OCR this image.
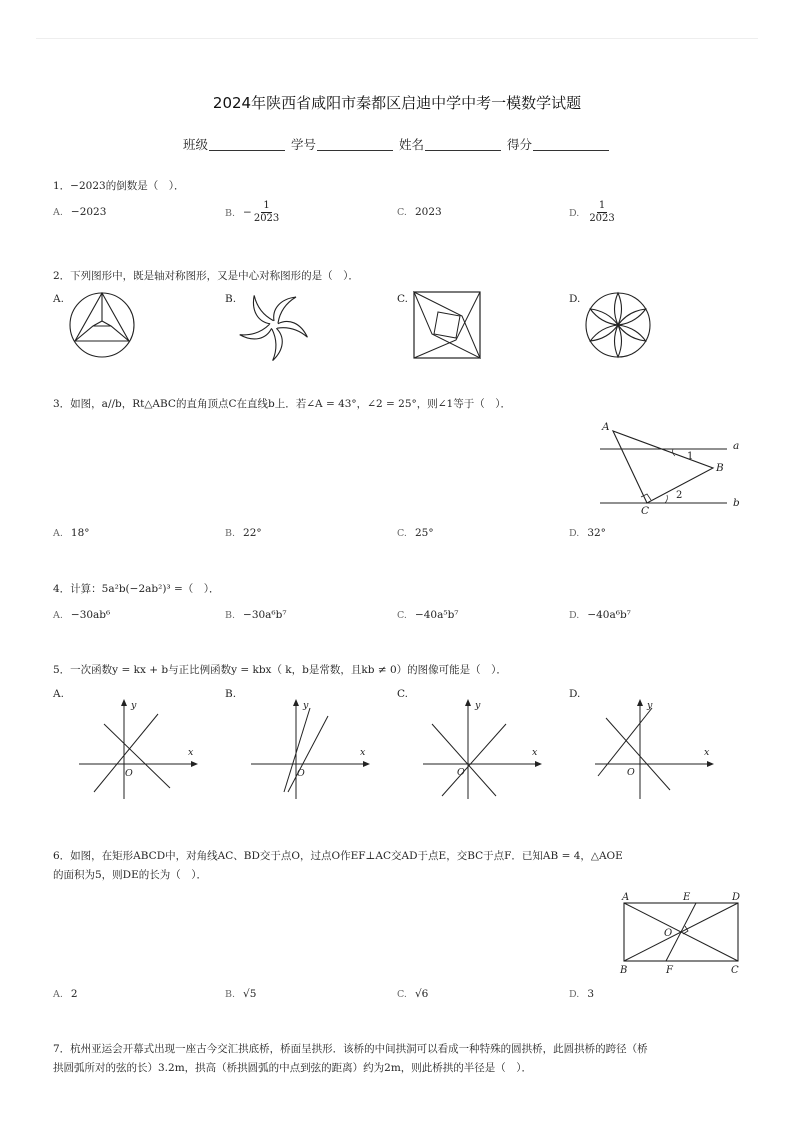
2024年陕西省咸阳市秦都区启迪中学中考一模数学试题
班级	学号	姓名	得分
1．−2023的倒数是（　）．
A. −2023	B. − $\frac{1}{2023}$	C. 2023	D. $\frac{1}{2023}$
2．下列图形中，既是轴对称图形，又是中心对称图形的是（　）．
A.	B.	C.	D.
3．如图，a//b，Rt△ABC的直角顶点C在直线b上．若∠A = 43°，∠2 = 25°，则∠1等于（　）．
A
B
C
a
b
1
2
A. 18°	B. 22°	C. 25°	D. 32°
4．计算：5a²b(−2ab²)³ =（　）．
A. −30ab⁶	B. −30a⁶b⁷	C. −40a⁵b⁷	D. −40a⁶b⁷
5．一次函数y = kx + b与正比例函数y = kbx（ k，b是常数，且kb ≠ 0）的图像可能是（　）．
A.	B.	C.	D.
x
y
O
x
y
O
x
y
O
x
y
O
6．如图，在矩形ABCD中，对角线AC、BD交于点O，过点O作EF⊥AC交AD于点E，交BC于点F．已知AB = 4，△AOE
的面积为5，则DE的长为（　）．
A	D
E
B	C
F
O
A. 2	B. √5	C. √6	D. 3
7．杭州亚运会开幕式出现一座古今交汇拱底桥，桥面呈拱形．该桥的中间拱洞可以看成一种特殊的圆拱桥，此圆拱桥的跨径（桥
拱圆弧所对的弦的长）3.2m，拱高（桥拱圆弧的中点到弦的距离）约为2m，则此桥拱的半径是（　）．
